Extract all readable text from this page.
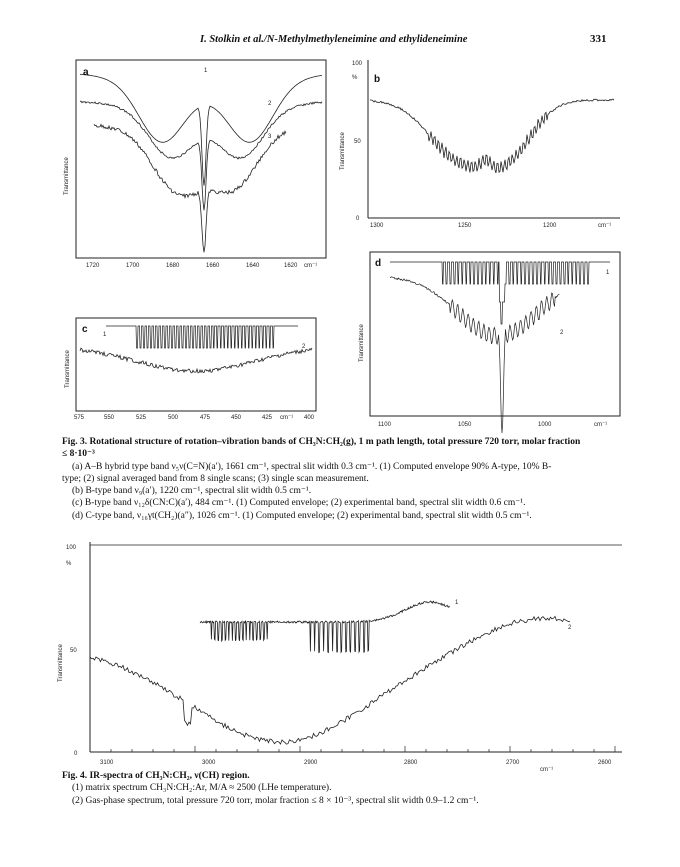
I. Stolkin et al./N-Methylmethyleneimine and ethylideneimine	331
a	1
2
3
1720	1700	1680	1660	1640	1620 cm⁻¹
Transmittance
b
100
%
50
0
1300	1250	1200	cm⁻¹
Transmittance
c	1
2
575	550	525	500	475	450	425 cm⁻¹ 400
Transmittance
d
1
2
1100	1050	1000	cm⁻¹
Transmittance
Fig. 3. Rotational structure of rotation–vibration bands of CH₃N:CH₂(g), 1 m path length, total pressure 720 torr, molar fraction
≤ 8·10⁻³
(a) A–B hybrid type band ν₅ν(C=N)(a′), 1661 cm⁻¹, spectral slit width 0.3 cm⁻¹. (1) Computed envelope 90% A-type, 10% B-
type; (2) signal averaged band from 8 single scans; (3) single scan measurement.
(b) B-type band ν₉(a′), 1220 cm⁻¹, spectral slit width 0.5 cm⁻¹.
(c) B-type band ν₁₂δ(CN:C)(a′), 484 cm⁻¹. (1) Computed envelope; (2) experimental band, spectral slit width 0.6 cm⁻¹.
(d) C-type band, ν₁₆γt(CH₂)(a″), 1026 cm⁻¹. (1) Computed envelope; (2) experimental band, spectral slit width 0.5 cm⁻¹.
100
%
50
0
3100	3000	2900	2800	2700	2600
cm⁻¹
1
2
Transmittance
Fig. 4. IR-spectra of CH₃N:CH₂, ν(CH) region.
(1) matrix spectrum CH₃N:CH₂:Ar, M/A ≈ 2500 (LHe temperature).
(2) Gas-phase spectrum, total pressure 720 torr, molar fraction ≤ 8 × 10⁻³, spectral slit width 0.9–1.2 cm⁻¹.
